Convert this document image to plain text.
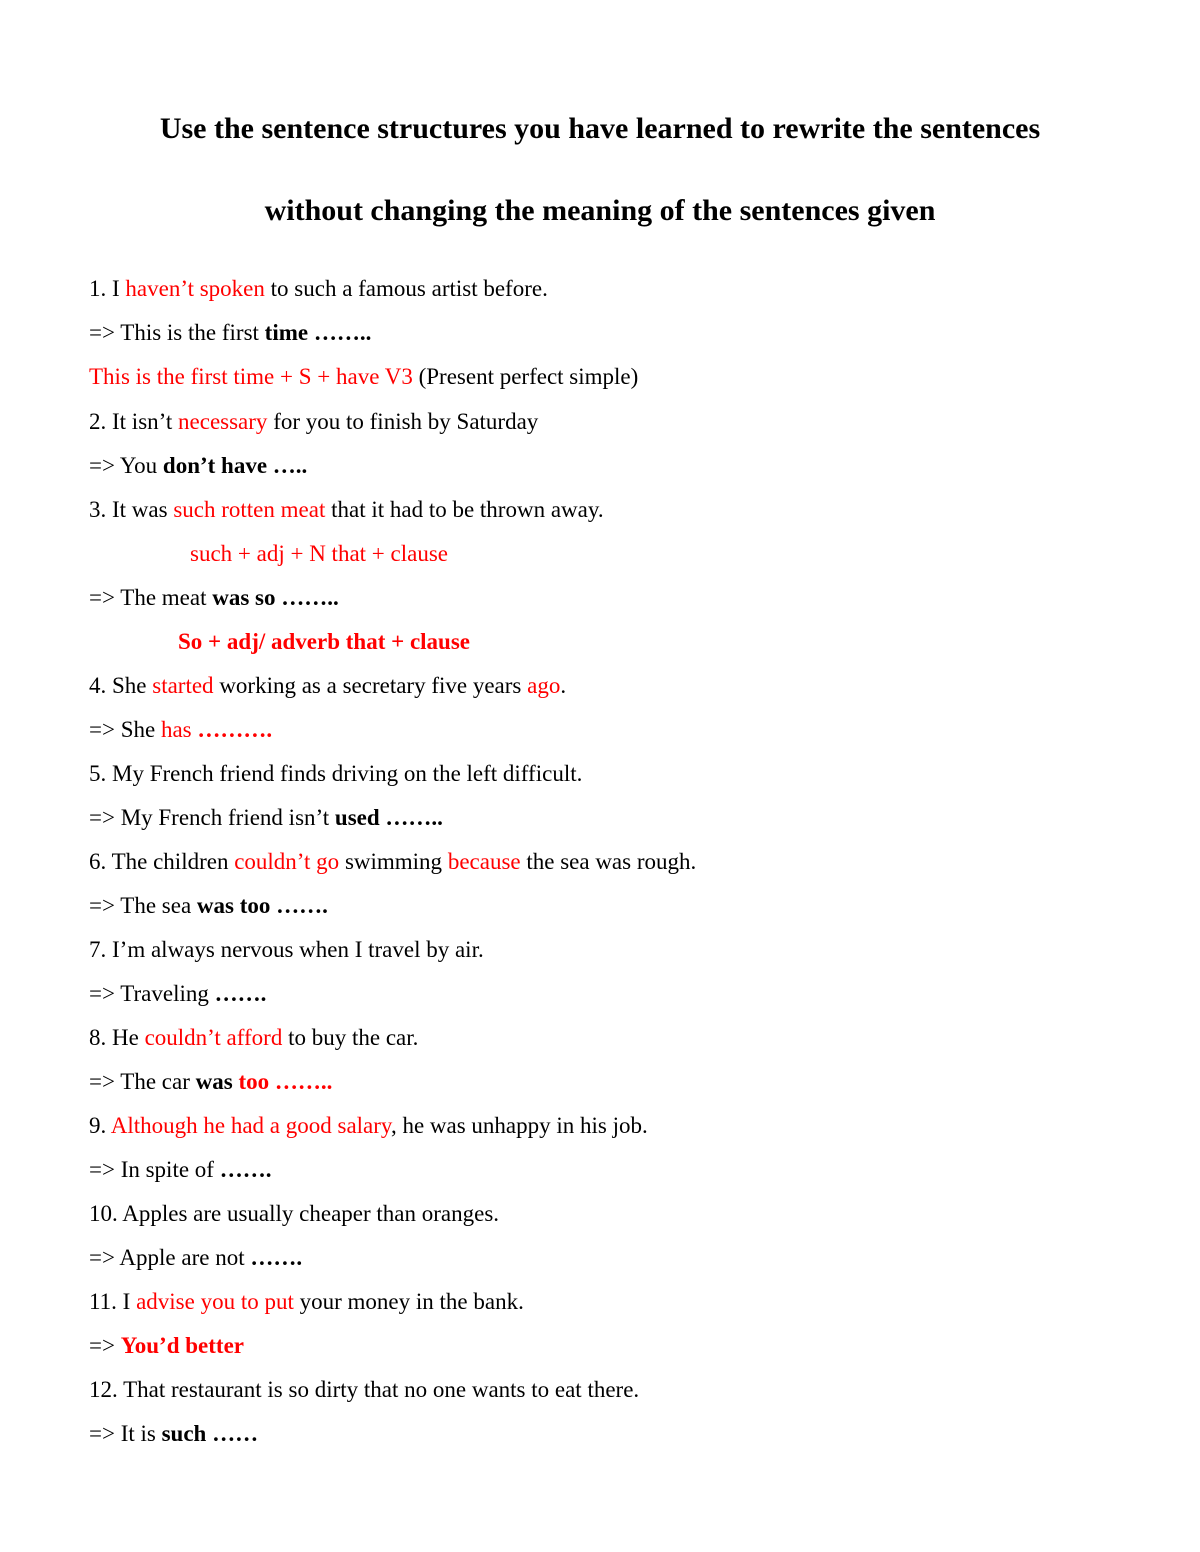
Use the sentence structures you have learned to rewrite the sentences
without changing the meaning of the sentences given

1. I haven’t spoken to such a famous artist before.

=> This is the first time ……..

This is the first time + S + have V3 (Present perfect simple)

2. It isn’t necessary for you to finish by Saturday

=> You don’t have …..

3. It was such rotten meat that it had to be thrown away.

such + adj + N that + clause

=> The meat was so ……..

So + adj/ adverb that + clause

4. She started working as a secretary five years ago.

=> She has ……….

5. My French friend finds driving on the left difficult.

=> My French friend isn’t used ……..

6. The children couldn’t go swimming because the sea was rough.

=> The sea was too …….

7. I’m always nervous when I travel by air.

=> Traveling …….

8. He couldn’t afford to buy the car.

=> The car was too ……..

9. Although he had a good salary, he was unhappy in his job.

=> In spite of …….

10. Apples are usually cheaper than oranges.

=> Apple are not …….

11. I advise you to put your money in the bank.

=> You’d better

12. That restaurant is so dirty that no one wants to eat there.

=> It is such ……
